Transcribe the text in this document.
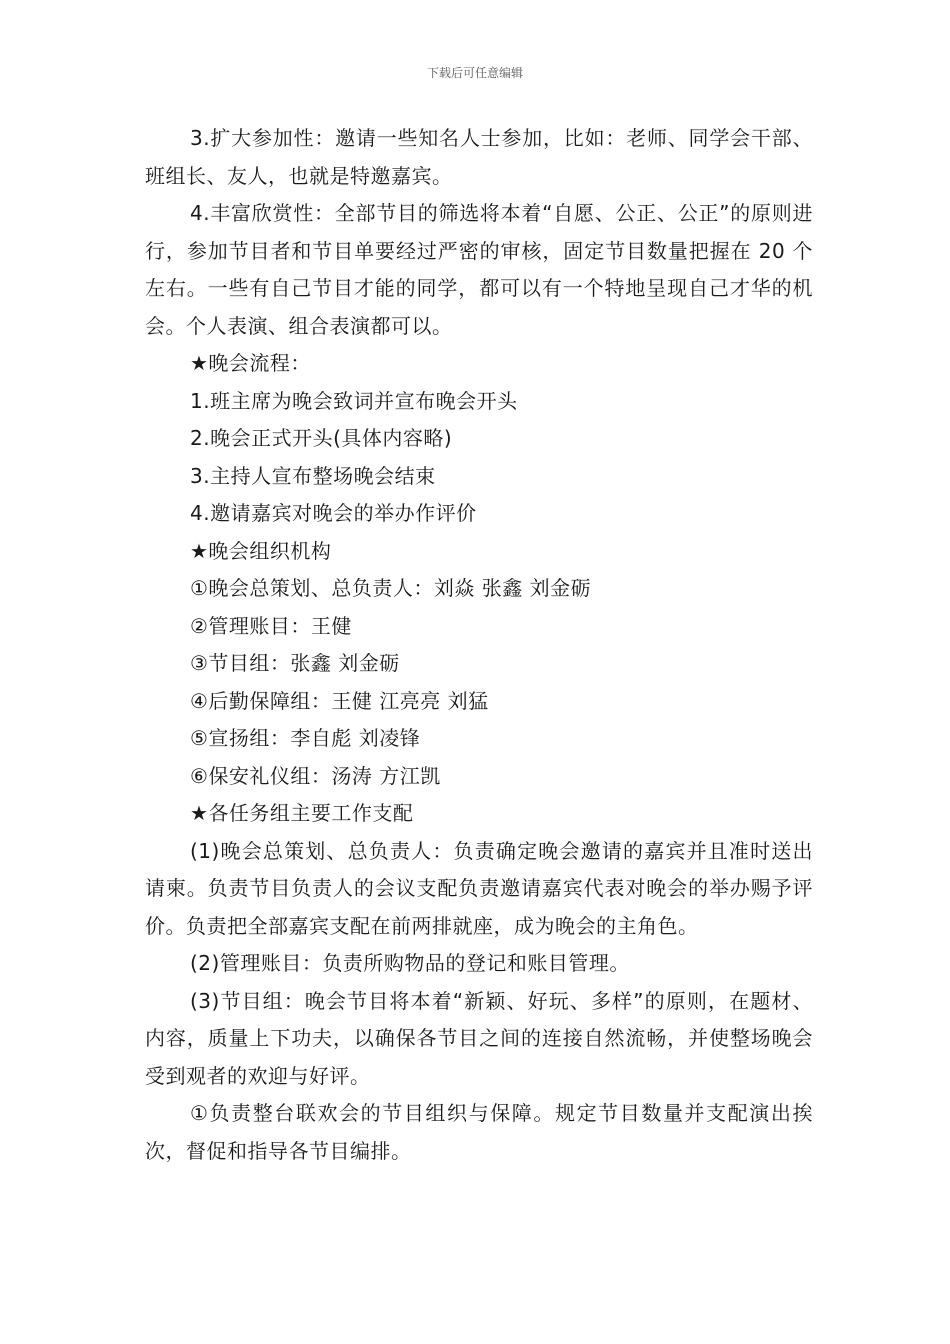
下载后可任意编辑

3.扩大参加性：邀请一些知名人士参加，比如：老师、同学会干部、班组长、友人，也就是特邀嘉宾。

4.丰富欣赏性：全部节目的筛选将本着“自愿、公正、公正”的原则进行，参加节目者和节目单要经过严密的审核，固定节目数量把握在 20 个左右。一些有自己节目才能的同学，都可以有一个特地呈现自己才华的机会。个人表演、组合表演都可以。

★晚会流程：

1.班主席为晚会致词并宣布晚会开头

2.晚会正式开头(具体内容略)

3.主持人宣布整场晚会结束

4.邀请嘉宾对晚会的举办作评价

★晚会组织机构

①晚会总策划、总负责人：刘焱 张鑫 刘金砺

②管理账目：王健

③节目组：张鑫 刘金砺

④后勤保障组：王健 江亮亮 刘猛

⑤宣扬组：李自彪 刘凌锋

⑥保安礼仪组：汤涛 方江凯

★各任务组主要工作支配

(1)晚会总策划、总负责人：负责确定晚会邀请的嘉宾并且准时送出请柬。负责节目负责人的会议支配负责邀请嘉宾代表对晚会的举办赐予评价。负责把全部嘉宾支配在前两排就座，成为晚会的主角色。

(2)管理账目：负责所购物品的登记和账目管理。

(3)节目组：晚会节目将本着“新颖、好玩、多样”的原则，在题材、内容，质量上下功夫，以确保各节目之间的连接自然流畅，并使整场晚会受到观者的欢迎与好评。

①负责整台联欢会的节目组织与保障。规定节目数量并支配演出挨次，督促和指导各节目编排。
